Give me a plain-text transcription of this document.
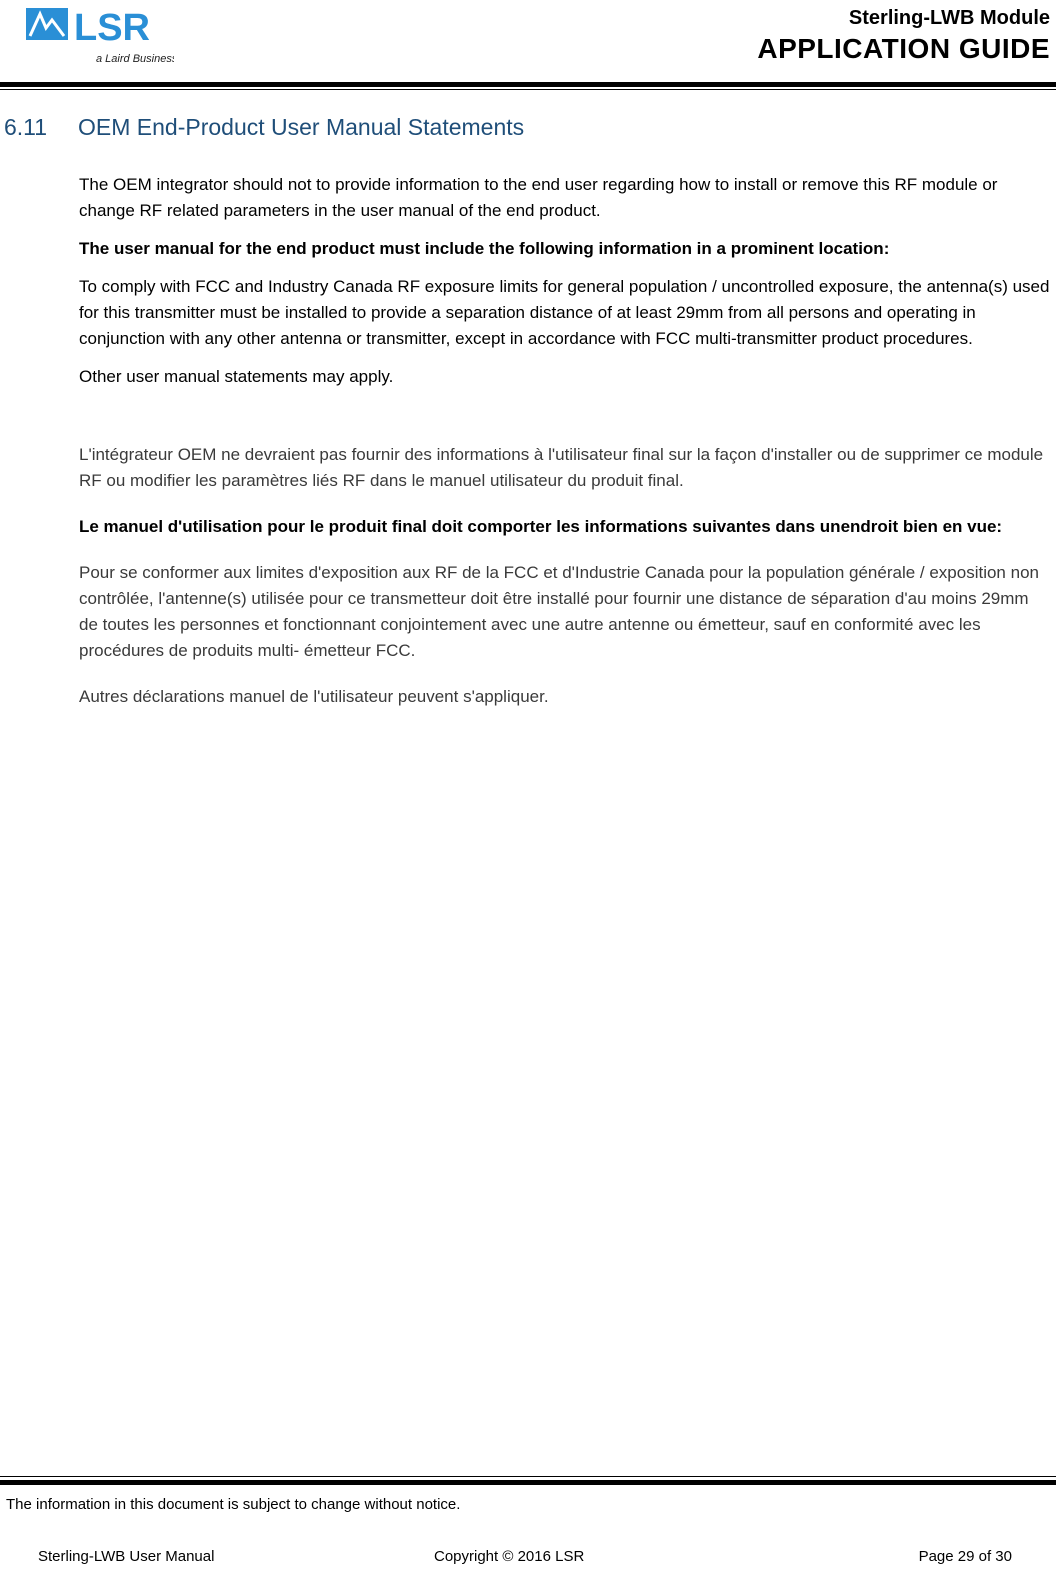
LSR
a Laird Business
Sterling-LWB Module
APPLICATION GUIDE
6.11 OEM End-Product User Manual Statements

The OEM integrator should not to provide information to the end user regarding how to install or remove this RF module or change RF related parameters in the user manual of the end product.

The user manual for the end product must include the following information in a prominent location:

To comply with FCC and Industry Canada RF exposure limits for general population / uncontrolled exposure, the antenna(s) used for this transmitter must be installed to provide a separation distance of at least 29mm from all persons and operating in conjunction with any other antenna or transmitter, except in accordance with FCC multi-transmitter product procedures.

Other user manual statements may apply.

L'intégrateur OEM ne devraient pas fournir des informations à l'utilisateur final sur la façon d'installer ou de supprimer ce module RF ou modifier les paramètres liés RF dans le manuel utilisateur du produit final.

Le manuel d'utilisation pour le produit final doit comporter les informations suivantes dans unendroit bien en vue:

Pour se conformer aux limites d'exposition aux RF de la FCC et d'Industrie Canada pour la population générale / exposition non contrôlée, l'antenne(s) utilisée pour ce transmetteur doit être installé pour fournir une distance de séparation d'au moins 29mm de toutes les personnes et fonctionnant conjointement avec une autre antenne ou émetteur, sauf en conformité avec les procédures de produits multi- émetteur FCC.

Autres déclarations manuel de l'utilisateur peuvent s'appliquer.

The information in this document is subject to change without notice.
Sterling-LWB User Manual	Copyright © 2016 LSR	Page 29 of 30
